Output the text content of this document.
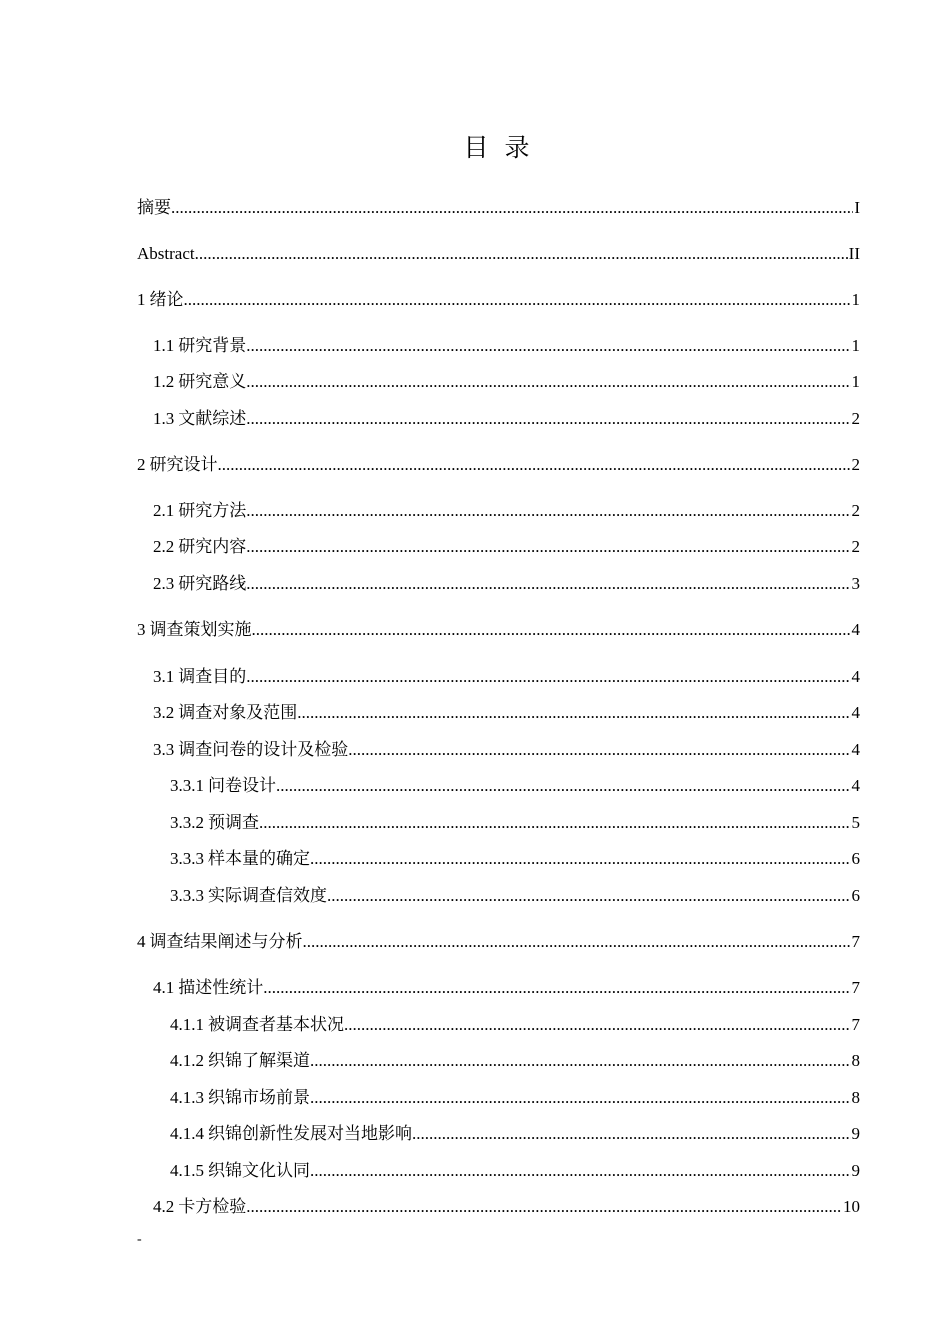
目 录
摘要 .....	I
Abstract .....	II
1 绪论 .....	1
1.1 研究背景 .....	1
1.2 研究意义 .....	1
1.3 文献综述 .....	2
2 研究设计 .....	2
2.1 研究方法 .....	2
2.2 研究内容 .....	2
2.3 研究路线 .....	3
3 调查策划实施 .....	4
3.1 调查目的 .....	4
3.2 调查对象及范围 .....	4
3.3 调查问卷的设计及检验 .....	4
3.3.1 问卷设计 .....	4
3.3.2 预调查 .....	5
3.3.3 样本量的确定 .....	6
3.3.3 实际调查信效度 .....	6
4 调查结果阐述与分析 .....	7
4.1 描述性统计 .....	7
4.1.1 被调查者基本状况 .....	7
4.1.2 织锦了解渠道 .....	8
4.1.3 织锦市场前景 .....	8
4.1.4 织锦创新性发展对当地影响 .....	9
4.1.5 织锦文化认同 .....	9
4.2 卡方检验 .....	10
-
